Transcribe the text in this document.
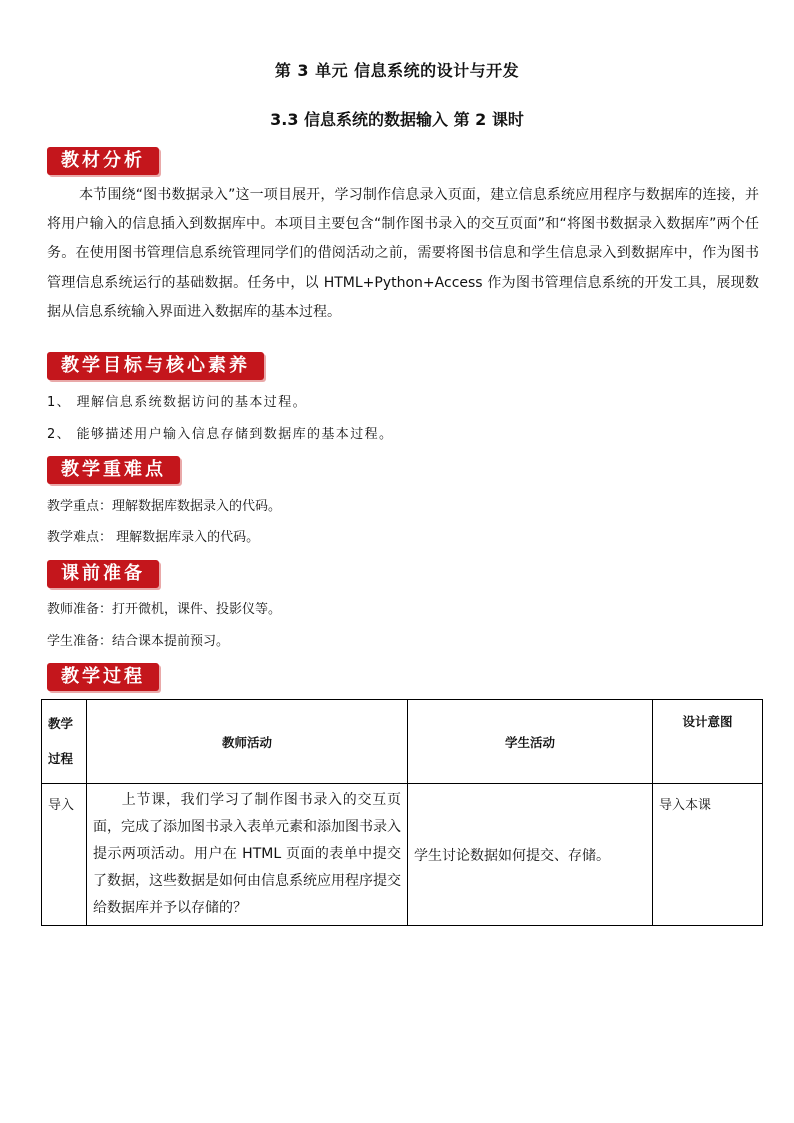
第 3 单元 信息系统的设计与开发
3.3 信息系统的数据输入 第 2 课时
教材分析
本节围绕“图书数据录入”这一项目展开，学习制作信息录入页面，建立信息系统应用程序与数据库的连接，并将用户输入的信息插入到数据库中。本项目主要包含“制作图书录入的交互页面”和“将图书数据录入数据库”两个任务。在使用图书管理信息系统管理同学们的借阅活动之前，需要将图书信息和学生信息录入到数据库中，作为图书管理信息系统运行的基础数据。任务中，以 HTML+Python+Access 作为图书管理信息系统的开发工具，展现数据从信息系统输入界面进入数据库的基本过程。
教学目标与核心素养
1、 理解信息系统数据访问的基本过程。
2、 能够描述用户输入信息存储到数据库的基本过程。
教学重难点
教学重点：理解数据库数据录入的代码。
教学难点： 理解数据库录入的代码。
课前准备
教师准备：打开微机，课件、投影仪等。
学生准备：结合课本提前预习。
教学过程
教学
过程	教师活动	学生活动	设计意图
导入	上节课，我们学习了制作图书录入的交互页面，完成了添加图书录入表单元素和添加图书录入提示两项活动。用户在 HTML 页面的表单中提交了数据，这些数据是如何由信息系统应用程序提交给数据库并予以存储的？	学生讨论数据如何提交、存储。	导入本课
